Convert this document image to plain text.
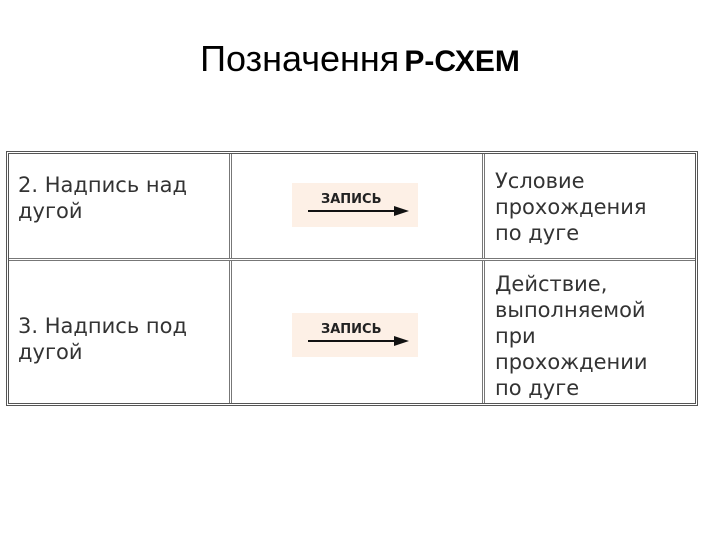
Позначення Р-СХЕМ
2. Надпись над
дугой	ЗАПИСЬ
Условие
прохождения
по дуге
3. Надпись под
дугой
ЗАПИСЬ
Действие,
выполняемой
при
прохождении
по дуге
